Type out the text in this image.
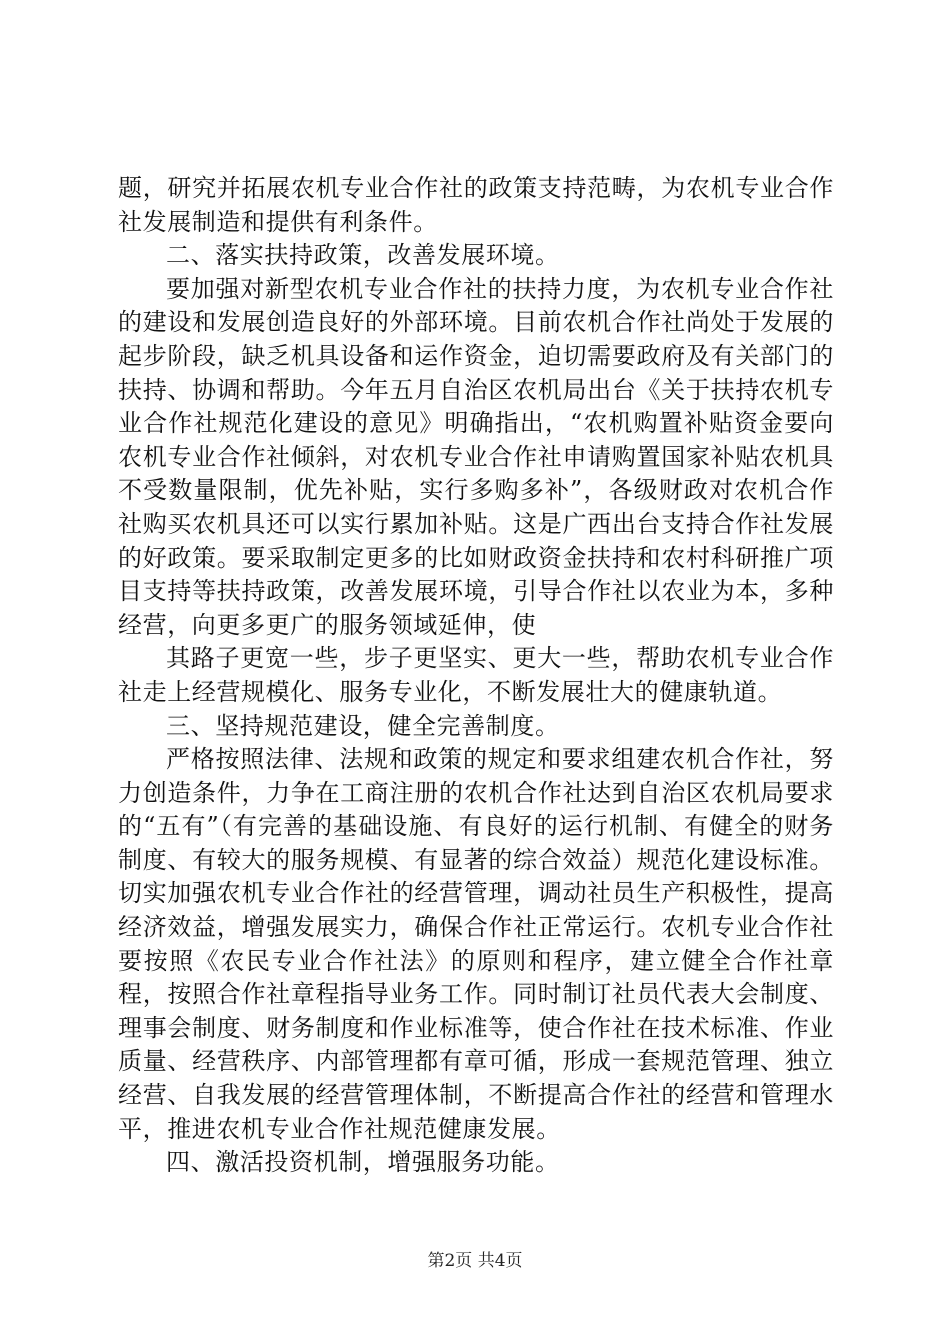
题，研究并拓展农机专业合作社的政策支持范畴，为农机专业合作社发展制造和提供有利条件。

二、落实扶持政策，改善发展环境。

要加强对新型农机专业合作社的扶持力度，为农机专业合作社的建设和发展创造良好的外部环境。目前农机合作社尚处于发展的起步阶段，缺乏机具设备和运作资金，迫切需要政府及有关部门的扶持、协调和帮助。今年五月自治区农机局出台《关于扶持农机专业合作社规范化建设的意见》明确指出，“农机购置补贴资金要向农机专业合作社倾斜，对农机专业合作社申请购置国家补贴农机具不受数量限制，优先补贴，实行多购多补”，各级财政对农机合作社购买农机具还可以实行累加补贴。这是广西出台支持合作社发展的好政策。要采取制定更多的比如财政资金扶持和农村科研推广项目支持等扶持政策，改善发展环境，引导合作社以农业为本，多种经营，向更多更广的服务领域延伸，使

其路子更宽一些，步子更坚实、更大一些，帮助农机专业合作社走上经营规模化、服务专业化，不断发展壮大的健康轨道。

三、坚持规范建设，健全完善制度。

严格按照法律、法规和政策的规定和要求组建农机合作社，努力创造条件，力争在工商注册的农机合作社达到自治区农机局要求的“五有”（有完善的基础设施、有良好的运行机制、有健全的财务制度、有较大的服务规模、有显著的综合效益）规范化建设标准。切实加强农机专业合作社的经营管理，调动社员生产积极性，提高经济效益，增强发展实力，确保合作社正常运行。农机专业合作社要按照《农民专业合作社法》的原则和程序，建立健全合作社章程，按照合作社章程指导业务工作。同时制订社员代表大会制度、理事会制度、财务制度和作业标准等，使合作社在技术标准、作业质量、经营秩序、内部管理都有章可循，形成一套规范管理、独立经营、自我发展的经营管理体制，不断提高合作社的经营和管理水平，推进农机专业合作社规范健康发展。

四、激活投资机制，增强服务功能。

第2页 共4页
